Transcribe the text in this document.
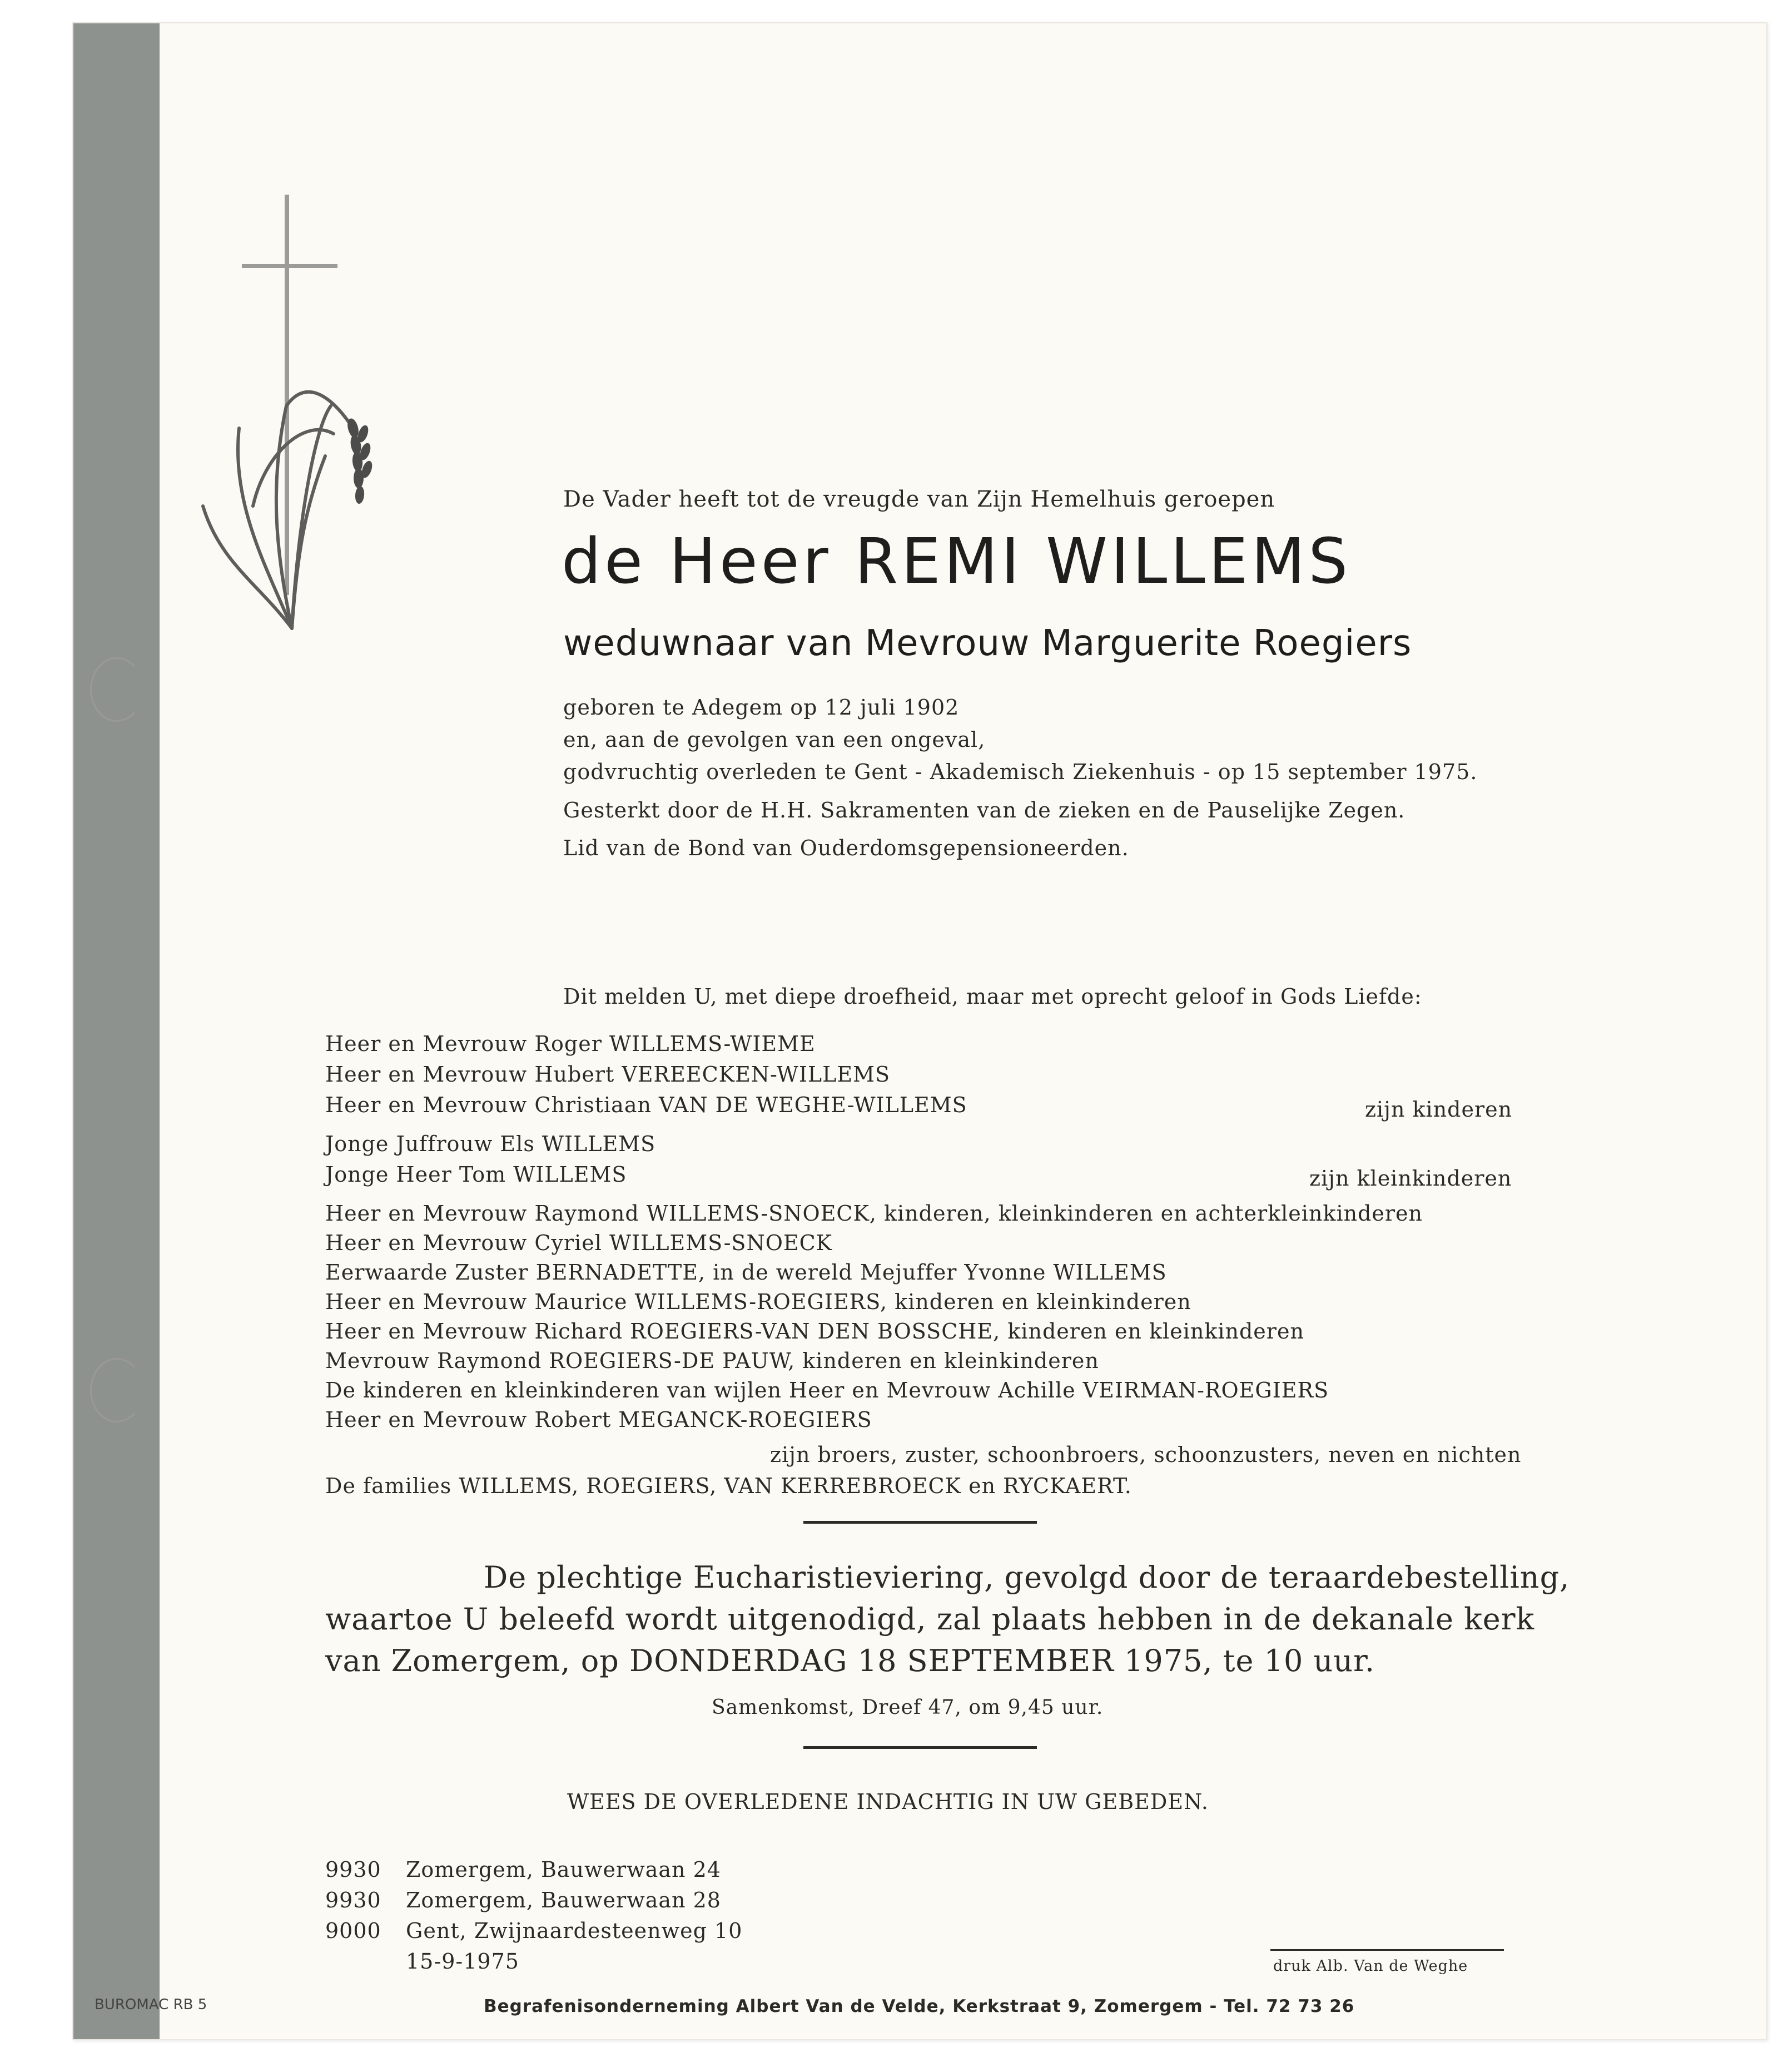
De Vader heeft tot de vreugde van Zijn Hemelhuis geroepen
de Heer REMI WILLEMS
weduwnaar van Mevrouw Marguerite Roegiers
geboren te Adegem op 12 juli 1902
en, aan de gevolgen van een ongeval,
godvruchtig overleden te Gent - Akademisch Ziekenhuis - op 15 september 1975.
Gesterkt door de H.H. Sakramenten van de zieken en de Pauselijke Zegen.
Lid van de Bond van Ouderdomsgepensioneerden.
Dit melden U, met diepe droefheid, maar met oprecht geloof in Gods Liefde:
Heer en Mevrouw Roger WILLEMS-WIEME
Heer en Mevrouw Hubert VEREECKEN-WILLEMS
Heer en Mevrouw Christiaan VAN DE WEGHE-WILLEMS	zijn kinderen
Jonge Juffrouw Els WILLEMS
Jonge Heer Tom WILLEMS	zijn kleinkinderen
Heer en Mevrouw Raymond WILLEMS-SNOECK, kinderen, kleinkinderen en achterkleinkinderen
Heer en Mevrouw Cyriel WILLEMS-SNOECK
Eerwaarde Zuster BERNADETTE, in de wereld Mejuffer Yvonne WILLEMS
Heer en Mevrouw Maurice WILLEMS-ROEGIERS, kinderen en kleinkinderen
Heer en Mevrouw Richard ROEGIERS-VAN DEN BOSSCHE, kinderen en kleinkinderen
Mevrouw Raymond ROEGIERS-DE PAUW, kinderen en kleinkinderen
De kinderen en kleinkinderen van wijlen Heer en Mevrouw Achille VEIRMAN-ROEGIERS
Heer en Mevrouw Robert MEGANCK-ROEGIERS
zijn broers, zuster, schoonbroers, schoonzusters, neven en nichten
De families WILLEMS, ROEGIERS, VAN KERREBROECK en RYCKAERT.
De plechtige Eucharistieviering, gevolgd door de teraardebestelling,
waartoe U beleefd wordt uitgenodigd, zal plaats hebben in de dekanale kerk
van Zomergem, op DONDERDAG 18 SEPTEMBER 1975, te 10 uur.
Samenkomst, Dreef 47, om 9,45 uur.
WEES DE OVERLEDENE INDACHTIG IN UW GEBEDEN.
9930 Zomergem, Bauwerwaan 24
9930 Zomergem, Bauwerwaan 28
9000 Gent, Zwijnaardesteenweg 10
15-9-1975	druk Alb. Van de Weghe
BUROMAC RB 5	Begrafenisonderneming Albert Van de Velde, Kerkstraat 9, Zomergem - Tel. 72 73 26
